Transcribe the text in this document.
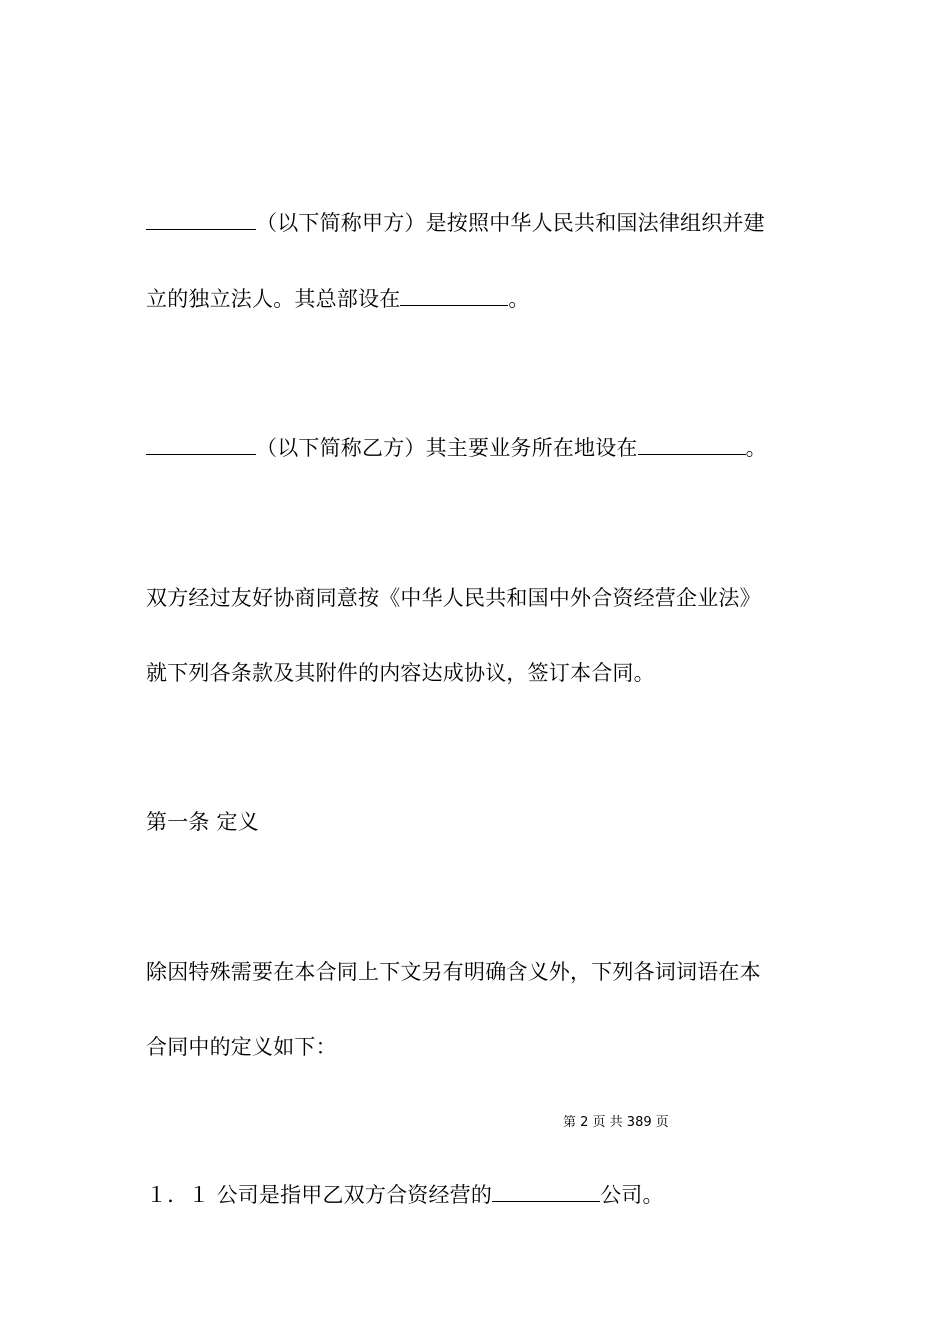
（以下简称甲方）是按照中华人民共和国法律组织并建
立的独立法人。其总部设在	。
（以下简称乙方）其主要业务所在地设在	。
双方经过友好协商同意按《中华人民共和国中外合资经营企业法》
就下列各条款及其附件的内容达成协议，签订本合同。
第一条 定义
除因特殊需要在本合同上下文另有明确含义外，下列各词词语在本
合同中的定义如下：
第 2 页 共 389 页
１．１ 公司是指甲乙双方合资经营的	公司。
